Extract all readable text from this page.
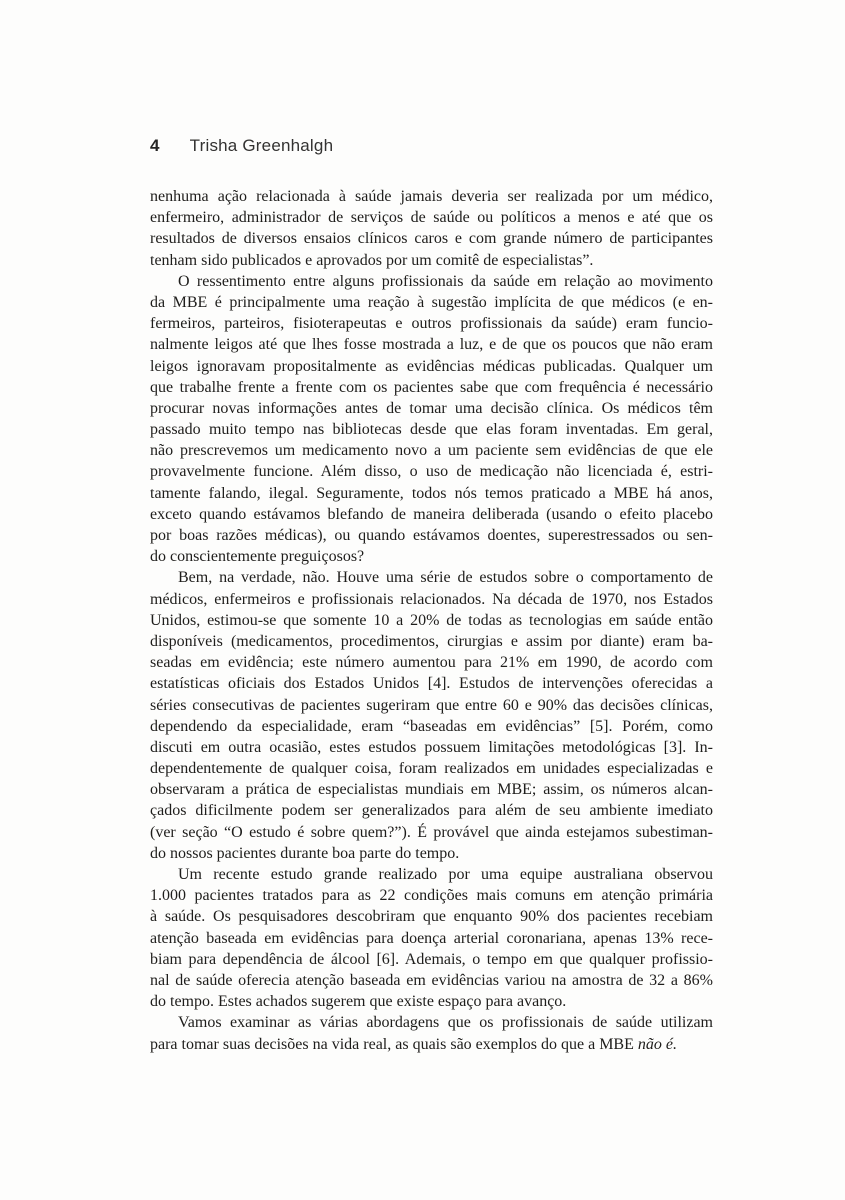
4 Trisha Greenhalgh
nenhuma ação relacionada à saúde jamais deveria ser realizada por um médico,
enfermeiro, administrador de serviços de saúde ou políticos a menos e até que os
resultados de diversos ensaios clínicos caros e com grande número de participantes
tenham sido publicados e aprovados por um comitê de especialistas”.
O ressentimento entre alguns profissionais da saúde em relação ao movimento
da MBE é principalmente uma reação à sugestão implícita de que médicos (e en-
fermeiros, parteiros, fisioterapeutas e outros profissionais da saúde) eram funcio-
nalmente leigos até que lhes fosse mostrada a luz, e de que os poucos que não eram
leigos ignoravam propositalmente as evidências médicas publicadas. Qualquer um
que trabalhe frente a frente com os pacientes sabe que com frequência é necessário
procurar novas informações antes de tomar uma decisão clínica. Os médicos têm
passado muito tempo nas bibliotecas desde que elas foram inventadas. Em geral,
não prescrevemos um medicamento novo a um paciente sem evidências de que ele
provavelmente funcione. Além disso, o uso de medicação não licenciada é, estri-
tamente falando, ilegal. Seguramente, todos nós temos praticado a MBE há anos,
exceto quando estávamos blefando de maneira deliberada (usando o efeito placebo
por boas razões médicas), ou quando estávamos doentes, superestressados ou sen-
do conscientemente preguiçosos?
Bem, na verdade, não. Houve uma série de estudos sobre o comportamento de
médicos, enfermeiros e profissionais relacionados. Na década de 1970, nos Estados
Unidos, estimou-se que somente 10 a 20% de todas as tecnologias em saúde então
disponíveis (medicamentos, procedimentos, cirurgias e assim por diante) eram ba-
seadas em evidência; este número aumentou para 21% em 1990, de acordo com
estatísticas oficiais dos Estados Unidos [4]. Estudos de intervenções oferecidas a
séries consecutivas de pacientes sugeriram que entre 60 e 90% das decisões clínicas,
dependendo da especialidade, eram “baseadas em evidências” [5]. Porém, como
discuti em outra ocasião, estes estudos possuem limitações metodológicas [3]. In-
dependentemente de qualquer coisa, foram realizados em unidades especializadas e
observaram a prática de especialistas mundiais em MBE; assim, os números alcan-
çados dificilmente podem ser generalizados para além de seu ambiente imediato
(ver seção “O estudo é sobre quem?”). É provável que ainda estejamos subestiman-
do nossos pacientes durante boa parte do tempo.
Um recente estudo grande realizado por uma equipe australiana observou
1.000 pacientes tratados para as 22 condições mais comuns em atenção primária
à saúde. Os pesquisadores descobriram que enquanto 90% dos pacientes recebiam
atenção baseada em evidências para doença arterial coronariana, apenas 13% rece-
biam para dependência de álcool [6]. Ademais, o tempo em que qualquer profissio-
nal de saúde oferecia atenção baseada em evidências variou na amostra de 32 a 86%
do tempo. Estes achados sugerem que existe espaço para avanço.
Vamos examinar as várias abordagens que os profissionais de saúde utilizam
para tomar suas decisões na vida real, as quais são exemplos do que a MBE não é.
